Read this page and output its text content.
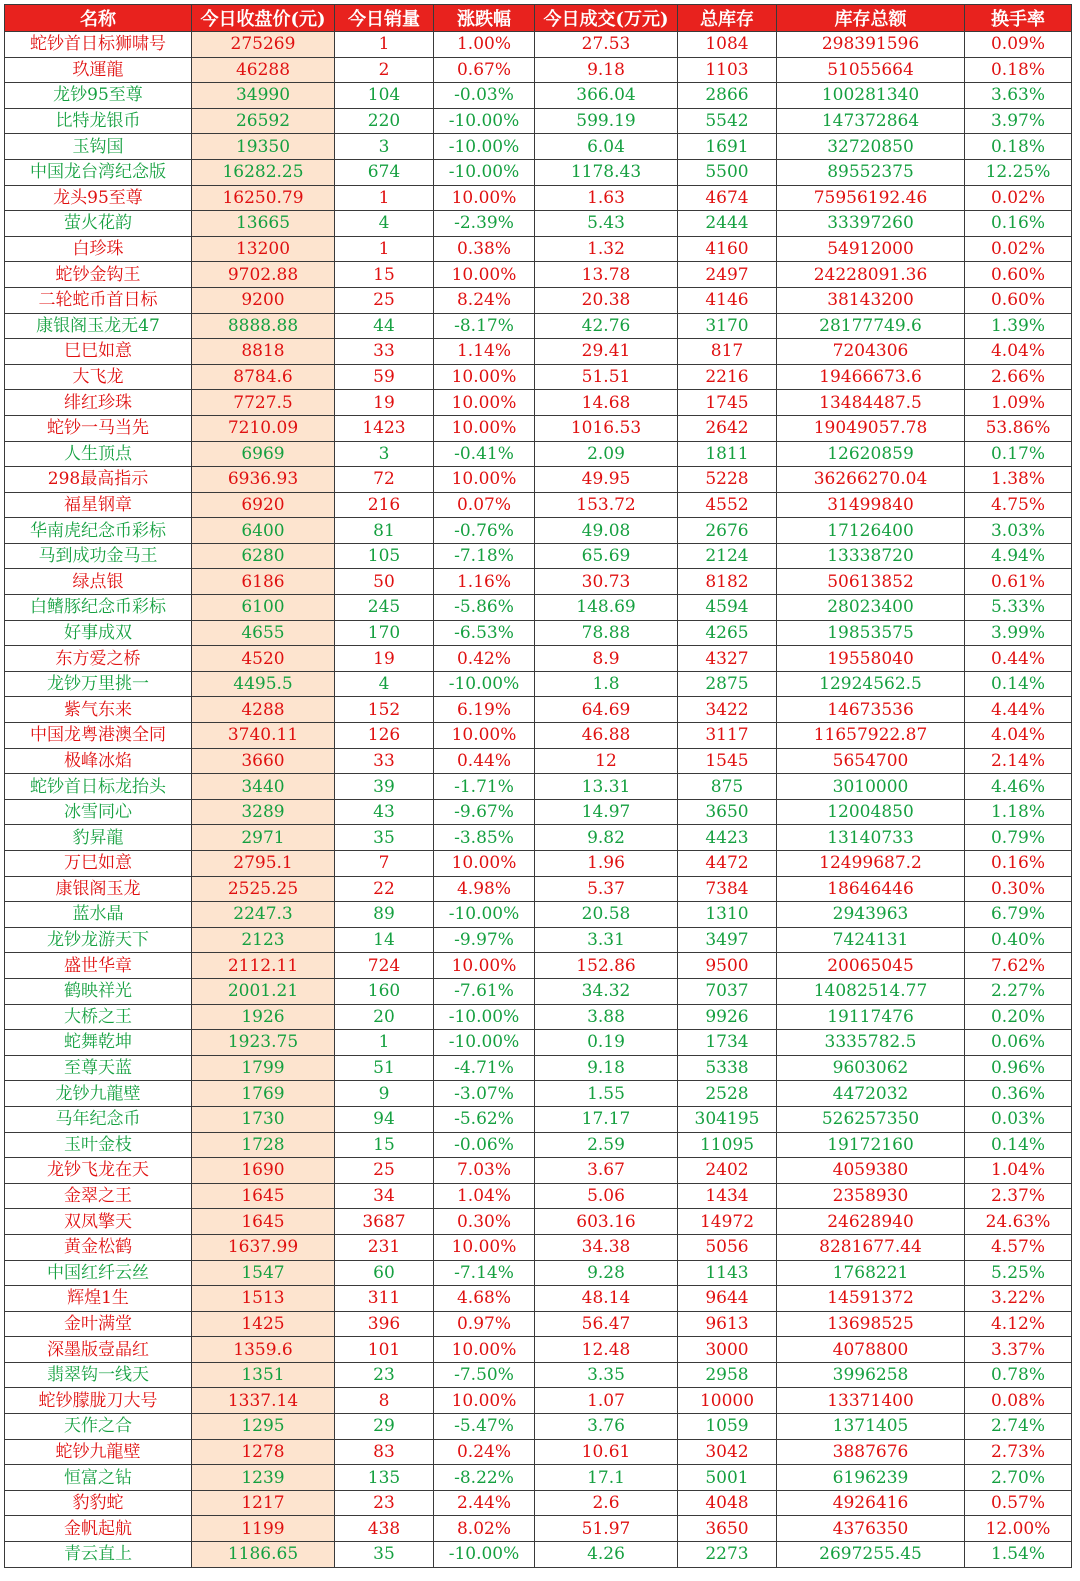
名称	今日收盘价(元)	今日销量	涨跌幅	今日成交(万元)	总库存	库存总额	换手率
蛇钞首日标狮啸号	275269	1	1.00%	27.53	1084	298391596	0.09%
玖運龍	46288	2	0.67%	9.18	1103	51055664	0.18%
龙钞95至尊	34990	104	-0.03%	366.04	2866	100281340	3.63%
比特龙银币	26592	220	-10.00%	599.19	5542	147372864	3.97%
玉钩国	19350	3	-10.00%	6.04	1691	32720850	0.18%
中国龙台湾纪念版	16282.25	674	-10.00%	1178.43	5500	89552375	12.25%
龙头95至尊	16250.79	1	10.00%	1.63	4674	75956192.46	0.02%
萤火花韵	13665	4	-2.39%	5.43	2444	33397260	0.16%
白珍珠	13200	1	0.38%	1.32	4160	54912000	0.02%
蛇钞金钩王	9702.88	15	10.00%	13.78	2497	24228091.36	0.60%
二轮蛇币首日标	9200	25	8.24%	20.38	4146	38143200	0.60%
康银阁玉龙无47	8888.88	44	-8.17%	42.76	3170	28177749.6	1.39%
巳巳如意	8818	33	1.14%	29.41	817	7204306	4.04%
大飞龙	8784.6	59	10.00%	51.51	2216	19466673.6	2.66%
绯红珍珠	7727.5	19	10.00%	14.68	1745	13484487.5	1.09%
蛇钞一马当先	7210.09	1423	10.00%	1016.53	2642	19049057.78	53.86%
人生顶点	6969	3	-0.41%	2.09	1811	12620859	0.17%
298最高指示	6936.93	72	10.00%	49.95	5228	36266270.04	1.38%
福星钢章	6920	216	0.07%	153.72	4552	31499840	4.75%
华南虎纪念币彩标	6400	81	-0.76%	49.08	2676	17126400	3.03%
马到成功金马王	6280	105	-7.18%	65.69	2124	13338720	4.94%
绿点银	6186	50	1.16%	30.73	8182	50613852	0.61%
白鳍豚纪念币彩标	6100	245	-5.86%	148.69	4594	28023400	5.33%
好事成双	4655	170	-6.53%	78.88	4265	19853575	3.99%
东方爱之桥	4520	19	0.42%	8.9	4327	19558040	0.44%
龙钞万里挑一	4495.5	4	-10.00%	1.8	2875	12924562.5	0.14%
紫气东来	4288	152	6.19%	64.69	3422	14673536	4.44%
中国龙粤港澳全同	3740.11	126	10.00%	46.88	3117	11657922.87	4.04%
极峰冰焰	3660	33	0.44%	12	1545	5654700	2.14%
蛇钞首日标龙抬头	3440	39	-1.71%	13.31	875	3010000	4.46%
冰雪同心	3289	43	-9.67%	14.97	3650	12004850	1.18%
豹昇龍	2971	35	-3.85%	9.82	4423	13140733	0.79%
万巳如意	2795.1	7	10.00%	1.96	4472	12499687.2	0.16%
康银阁玉龙	2525.25	22	4.98%	5.37	7384	18646446	0.30%
蓝水晶	2247.3	89	-10.00%	20.58	1310	2943963	6.79%
龙钞龙游天下	2123	14	-9.97%	3.31	3497	7424131	0.40%
盛世华章	2112.11	724	10.00%	152.86	9500	20065045	7.62%
鹤映祥光	2001.21	160	-7.61%	34.32	7037	14082514.77	2.27%
大桥之王	1926	20	-10.00%	3.88	9926	19117476	0.20%
蛇舞乾坤	1923.75	1	-10.00%	0.19	1734	3335782.5	0.06%
至尊天蓝	1799	51	-4.71%	9.18	5338	9603062	0.96%
龙钞九龍壁	1769	9	-3.07%	1.55	2528	4472032	0.36%
马年纪念币	1730	94	-5.62%	17.17	304195	526257350	0.03%
玉叶金枝	1728	15	-0.06%	2.59	11095	19172160	0.14%
龙钞飞龙在天	1690	25	7.03%	3.67	2402	4059380	1.04%
金翠之王	1645	34	1.04%	5.06	1434	2358930	2.37%
双凤擎天	1645	3687	0.30%	603.16	14972	24628940	24.63%
黄金松鹤	1637.99	231	10.00%	34.38	5056	8281677.44	4.57%
中国红纤云丝	1547	60	-7.14%	9.28	1143	1768221	5.25%
辉煌1生	1513	311	4.68%	48.14	9644	14591372	3.22%
金叶满堂	1425	396	0.97%	56.47	9613	13698525	4.12%
深墨版壹晶红	1359.6	101	10.00%	12.48	3000	4078800	3.37%
翡翠钩一线天	1351	23	-7.50%	3.35	2958	3996258	0.78%
蛇钞朦胧刀大号	1337.14	8	10.00%	1.07	10000	13371400	0.08%
天作之合	1295	29	-5.47%	3.76	1059	1371405	2.74%
蛇钞九龍壁	1278	83	0.24%	10.61	3042	3887676	2.73%
恒富之钻	1239	135	-8.22%	17.1	5001	6196239	2.70%
豹豹蛇	1217	23	2.44%	2.6	4048	4926416	0.57%
金帆起航	1199	438	8.02%	51.97	3650	4376350	12.00%
青云直上	1186.65	35	-10.00%	4.26	2273	2697255.45	1.54%
